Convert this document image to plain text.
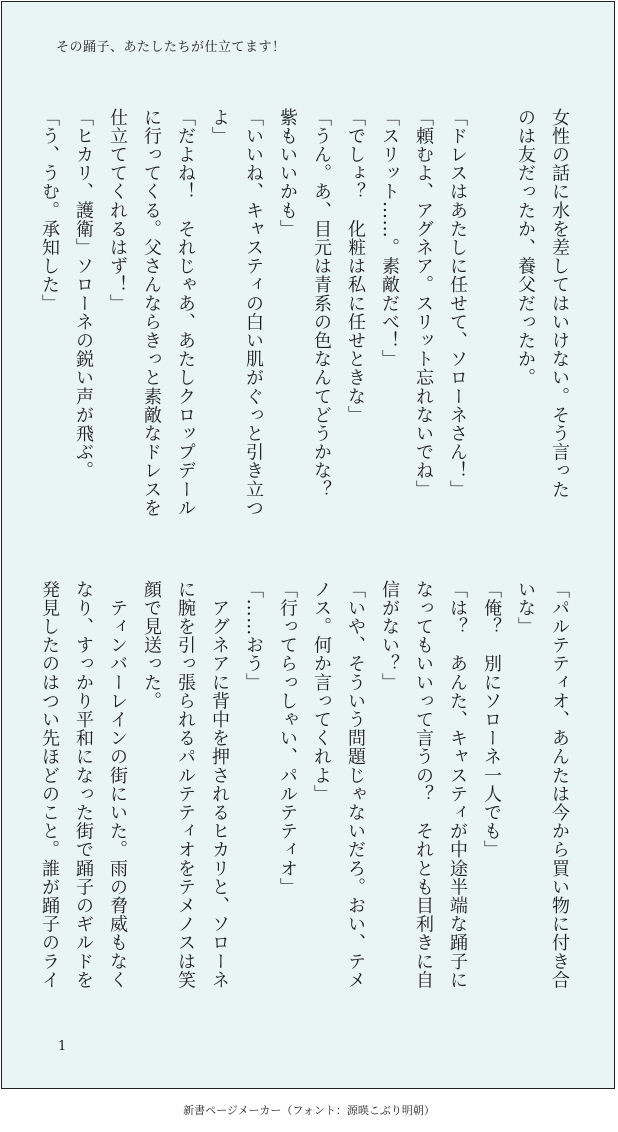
その踊子、あたしたちが仕立てます！
女性の話に水を差してはいけない。そう言った
のは友だったか、養父だったか。

「ドレスはあたしに任せて、ソローネさん！」
「頼むよ、アグネア。スリット忘れないでね」
「スリット……。素敵だべ！」
「でしょ？　化粧は私に任せときな」
「うん。あ、目元は青系の色なんてどうかな？
紫もいいかも」
「いいね、キャスティの白い肌がぐっと引き立つ
よ」
「だよね！　それじゃあ、あたしクロップデール
に行ってくる。父さんならきっと素敵なドレスを
仕立ててくれるはず！」
「ヒカリ、護衛」ソローネの鋭い声が飛ぶ。
「う、うむ。承知した」
「パルテティオ、あんたは今から買い物に付き合
いな」
「俺？　別にソローネ一人でも」
「は？　あんた、キャスティが中途半端な踊子に
なってもいいって言うの？　それとも目利きに自
信がない？」
「いや、そういう問題じゃないだろ。おい、テメ
ノス。何か言ってくれよ」
「行ってらっしゃい、パルテティオ」
「……おう」
　アグネアに背中を押されるヒカリと、ソローネ
に腕を引っ張られるパルテティオをテメノスは笑
顔で見送った。
　ティンバーレインの街にいた。雨の脅威もなく
なり、すっかり平和になった街で踊子のギルドを
発見したのはつい先ほどのこと。誰が踊子のライ
1
新書ページメーカー（フォント：源暎こぶり明朝）
